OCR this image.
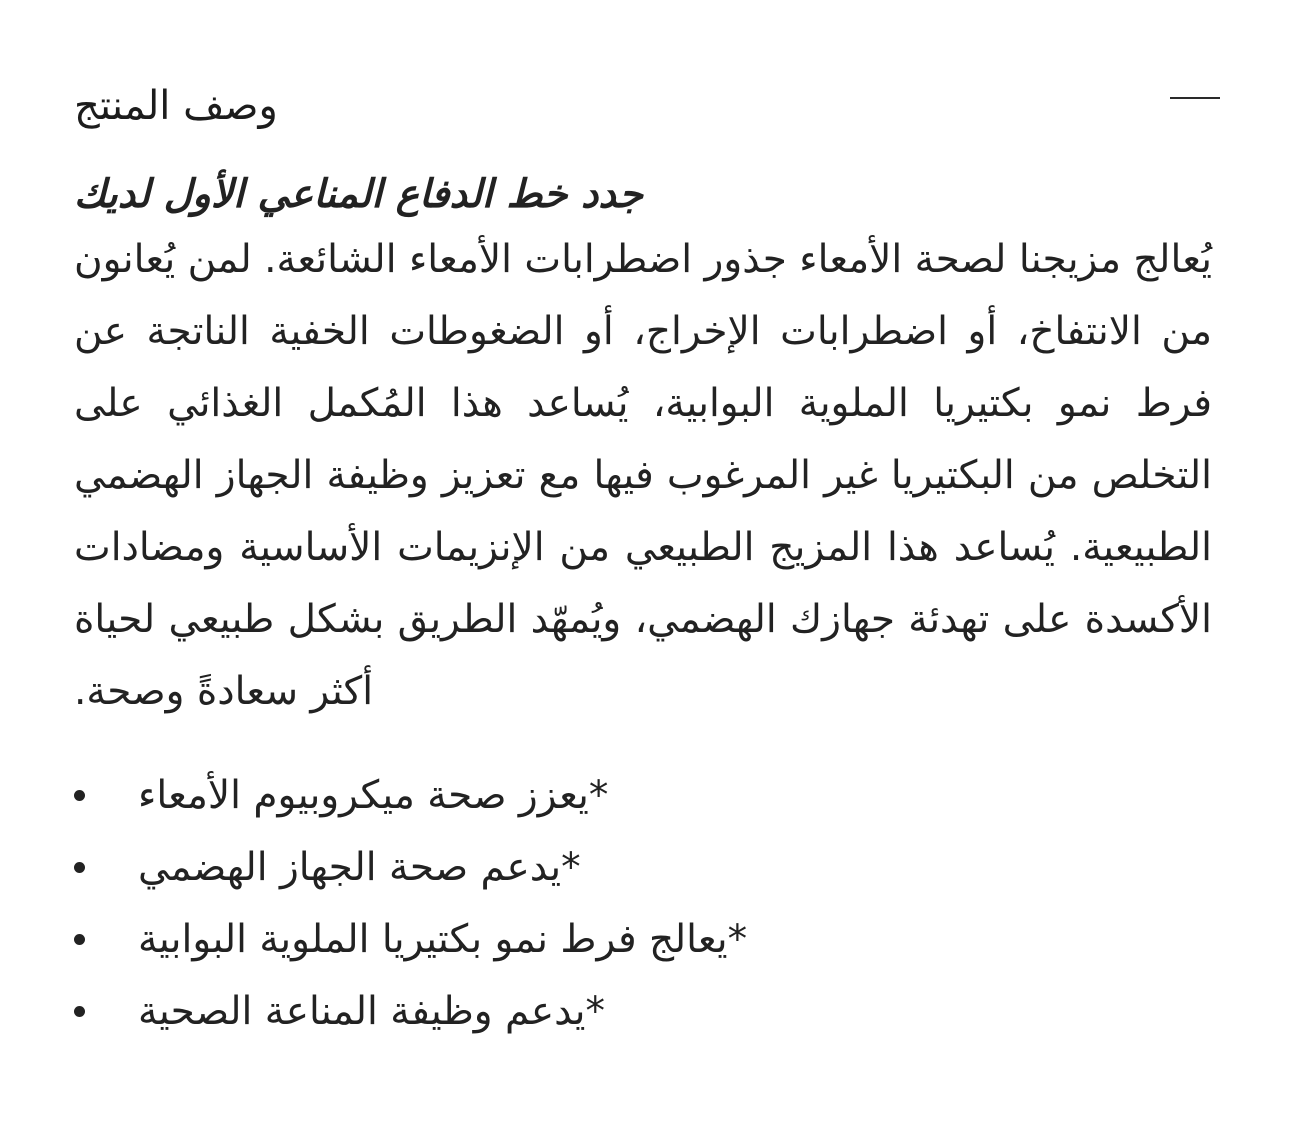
وصف المنتج

جدد خط الدفاع المناعي الأول لديك

يُعالج مزيجنا لصحة الأمعاء جذور اضطرابات الأمعاء الشائعة. لمن يُعانون من الانتفاخ، أو اضطرابات الإخراج، أو الضغوطات الخفية الناتجة عن فرط نمو بكتيريا الملوية البوابية، يُساعد هذا المُكمل الغذائي على التخلص من البكتيريا غير المرغوب فيها مع تعزيز وظيفة الجهاز الهضمي الطبيعية. يُساعد هذا المزيج الطبيعي من الإنزيمات الأساسية ومضادات الأكسدة على تهدئة جهازك الهضمي، ويُمهّد الطريق بشكل طبيعي لحياة أكثر سعادةً وصحة.

*يعزز صحة ميكروبيوم الأمعاء
*يدعم صحة الجهاز الهضمي
*يعالج فرط نمو بكتيريا الملوية البوابية
*يدعم وظيفة المناعة الصحية
